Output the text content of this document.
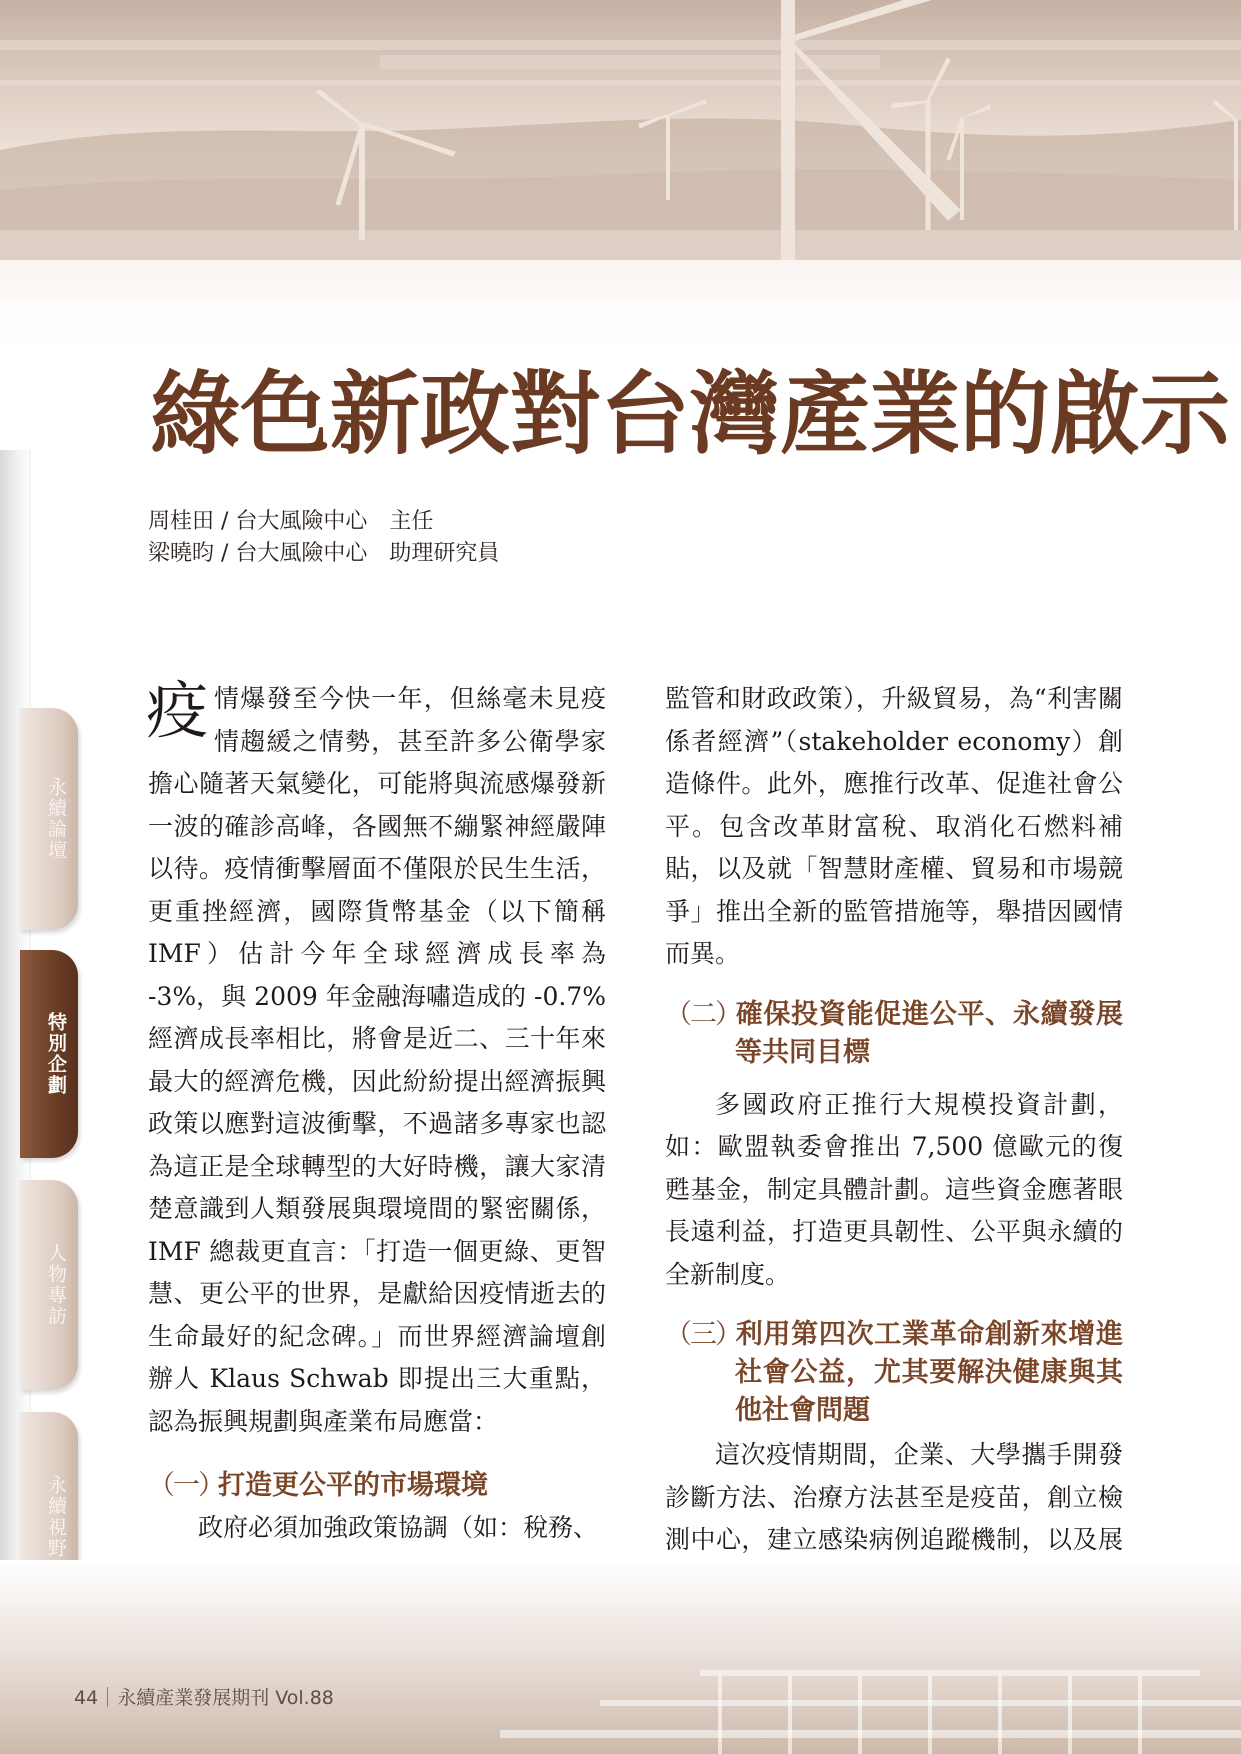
綠色新政對台灣產業的啟示
周桂田 / 台大風險中心　主任
梁曉昀 / 台大風險中心　助理研究員
永續論壇
特別企劃
人物專訪
永續視野

疫情爆發至今快一年，但絲毫未見疫情趨緩之情勢，甚至許多公衛學家擔心隨著天氣變化，可能將與流感爆發新一波的確診高峰，各國無不繃緊神經嚴陣以待。疫情衝擊層面不僅限於民生生活，更重挫經濟，國際貨幣基金（以下簡稱 IMF）估計今年全球經濟成長率為 -3%，與 2009 年金融海嘯造成的 -0.7% 經濟成長率相比，將會是近二、三十年來最大的經濟危機，因此紛紛提出經濟振興政策以應對這波衝擊，不過諸多專家也認為這正是全球轉型的大好時機，讓大家清楚意識到人類發展與環境間的緊密關係，IMF 總裁更直言：「打造一個更綠、更智慧、更公平的世界，是獻給因疫情逝去的生命最好的紀念碑。」而世界經濟論壇創辦人 Klaus Schwab 即提出三大重點，認為振興規劃與產業布局應當：

（一）打造更公平的市場環境

政府必須加強政策協調（如：稅務、

監管和財政政策），升級貿易，為“利害關係者經濟”（stakeholder economy）創造條件。此外，應推行改革、促進社會公平。包含改革財富稅、取消化石燃料補貼，以及就「智慧財產權、貿易和市場競爭」推出全新的監管措施等，舉措因國情而異。

（二）確保投資能促進公平、永續發展等共同目標

多國政府正推行大規模投資計劃，如：歐盟執委會推出 7,500 億歐元的復甦基金，制定具體計劃。這些資金應著眼長遠利益，打造更具韌性、公平與永續的全新制度。

（三）利用第四次工業革命創新來增進社會公益，尤其要解決健康與其他社會問題

這次疫情期間，企業、大學攜手開發診斷方法、治療方法甚至是疫苗，創立檢測中心，建立感染病例追蹤機制，以及展

44 永續產業發展期刊 Vol.88
